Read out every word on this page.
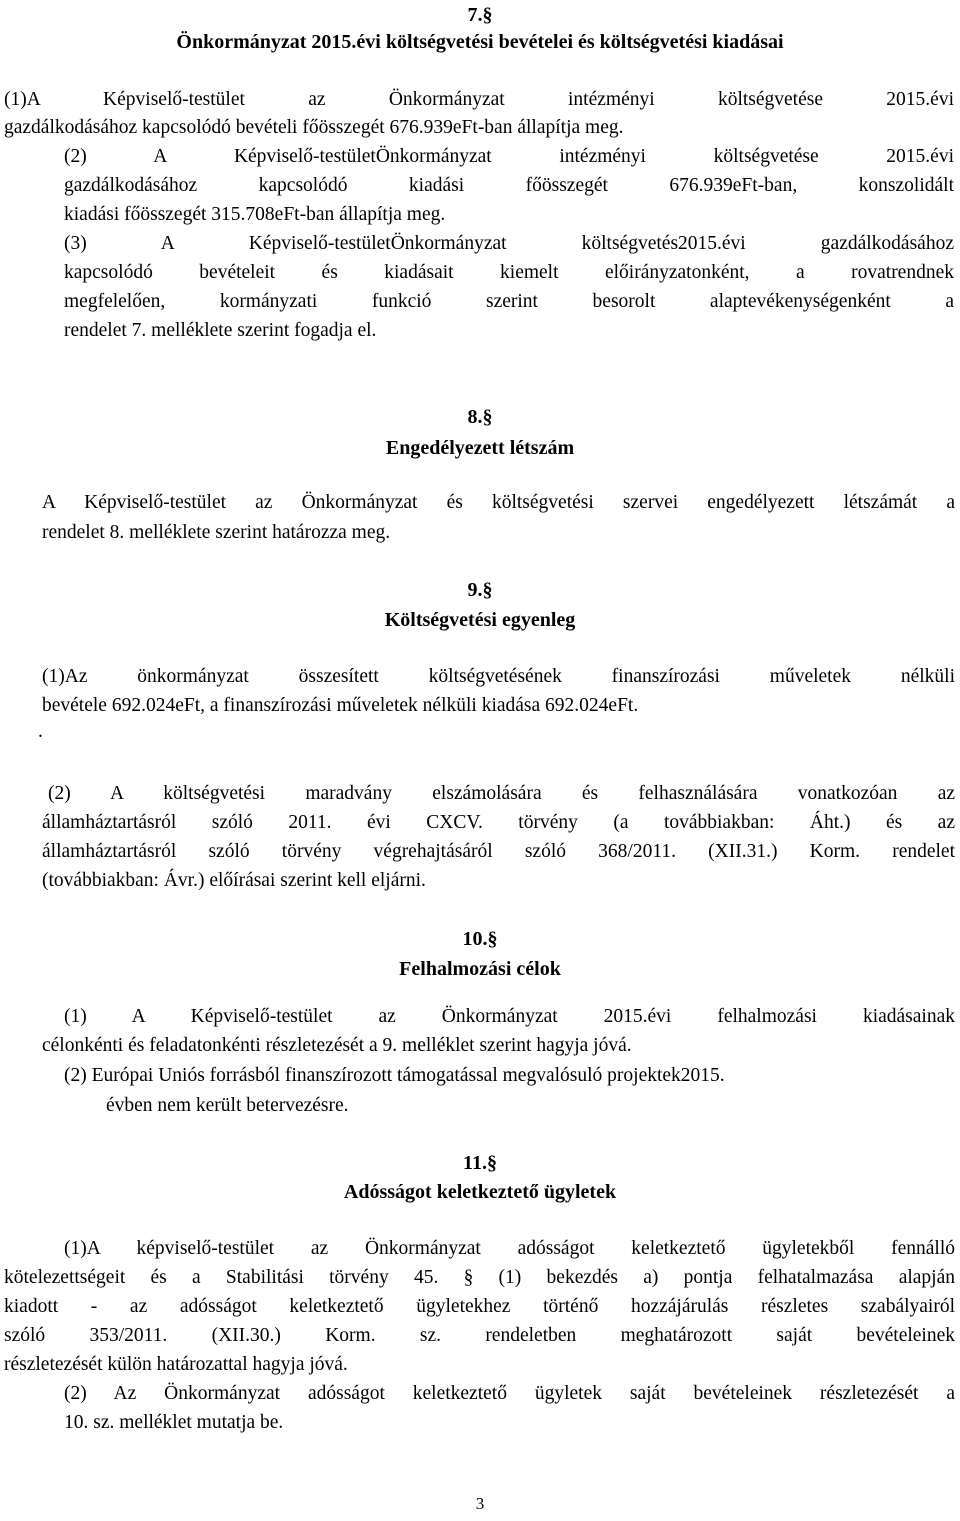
7.§
Önkormányzat 2015.évi költségvetési bevételei és költségvetési kiadásai
(1)A Képviselő-testület az Önkormányzat intézményi költségvetése 2015.évi
gazdálkodásához kapcsolódó bevételi főösszegét 676.939eFt-ban állapítja meg.
(2) A Képviselő-testületÖnkormányzat intézményi költségvetése 2015.évi
gazdálkodásához kapcsolódó kiadási főösszegét 676.939eFt-ban, konszolidált
kiadási főösszegét 315.708eFt-ban állapítja meg.
(3) A Képviselő-testületÖnkormányzat költségvetés2015.évi gazdálkodásához
kapcsolódó bevételeit és kiadásait kiemelt előirányzatonként, a rovatrendnek
megfelelően, kormányzati funkció szerint besorolt alaptevékenységenként a
rendelet 7. melléklete szerint fogadja el.
8.§
Engedélyezett létszám
A Képviselő-testület az Önkormányzat és költségvetési szervei engedélyezett létszámát a
rendelet 8. melléklete szerint határozza meg.
9.§
Költségvetési egyenleg
(1)Az önkormányzat összesített költségvetésének finanszírozási műveletek nélküli
bevétele 692.024eFt, a finanszírozási műveletek nélküli kiadása 692.024eFt.
.
(2) A költségvetési maradvány elszámolására és felhasználására vonatkozóan az
államháztartásról szóló 2011. évi CXCV. törvény (a továbbiakban: Áht.) és az
államháztartásról szóló törvény végrehajtásáról szóló 368/2011. (XII.31.) Korm. rendelet
(továbbiakban: Ávr.) előírásai szerint kell eljárni.
10.§
Felhalmozási célok
(1) A Képviselő-testület az Önkormányzat 2015.évi felhalmozási kiadásainak
célonkénti és feladatonkénti részletezését a 9. melléklet szerint hagyja jóvá.
(2) Európai Uniós forrásból finanszírozott támogatással megvalósuló projektek2015.
évben nem került betervezésre.
11.§
Adósságot keletkeztető ügyletek
(1)A képviselő-testület az Önkormányzat adósságot keletkeztető ügyletekből fennálló
kötelezettségeit és a Stabilitási törvény 45. § (1) bekezdés a) pontja felhatalmazása alapján
kiadott - az adósságot keletkeztető ügyletekhez történő hozzájárulás részletes szabályairól
szóló 353/2011. (XII.30.) Korm. sz. rendeletben meghatározott saját bevételeinek
részletezését külön határozattal hagyja jóvá.
(2) Az Önkormányzat adósságot keletkeztető ügyletek saját bevételeinek részletezését a
10. sz. melléklet mutatja be.
3
